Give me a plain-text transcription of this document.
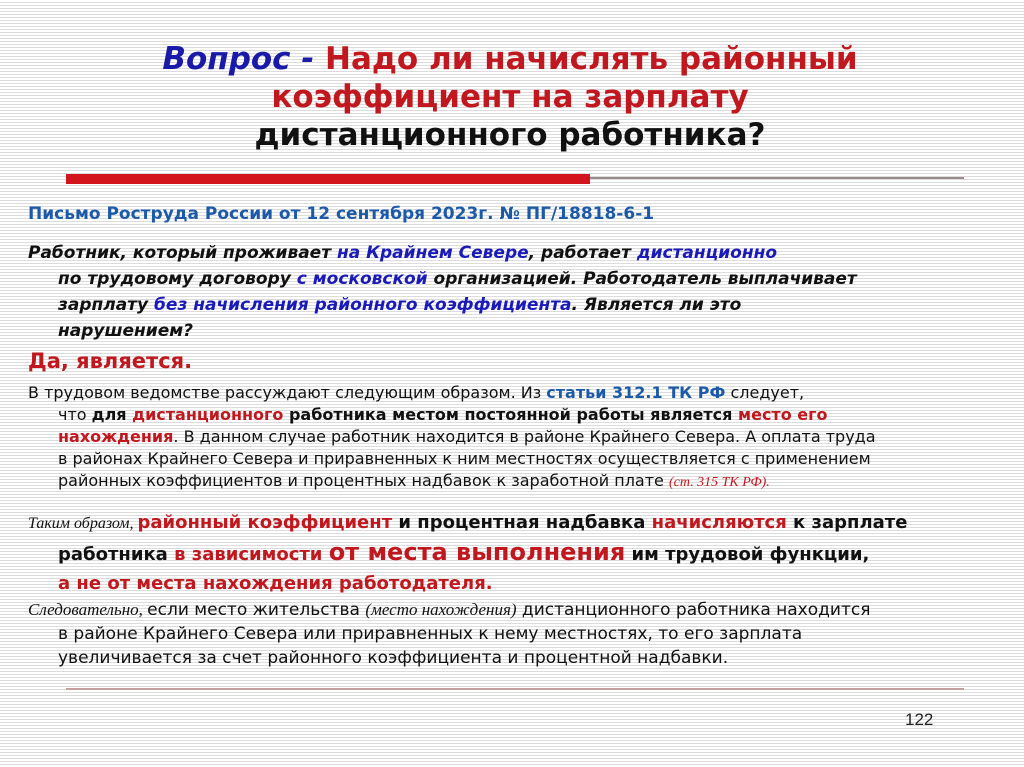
Вопрос - Надо ли начислять районный
коэффициент на зарплату
дистанционного работника?
Письмо Роструда России от 12 сентября 2023г. № ПГ/18818-6-1
Работник, который проживает на Крайнем Севере, работает дистанционно
по трудовому договору с московской организацией. Работодатель выплачивает
зарплату без начисления районного коэффициента. Является ли это
нарушением?
Да, является.
В трудовом ведомстве рассуждают следующим образом. Из статьи 312.1 ТК РФ следует,
что для дистанционного работника местом постоянной работы является место его
нахождения. В данном случае работник находится в районе Крайнего Севера. А оплата труда
в районах Крайнего Севера и приравненных к ним местностях осуществляется с применением
районных коэффициентов и процентных надбавок к заработной плате (ст. 315 ТК РФ).
Таким образом, районный коэффициент и процентная надбавка начисляются к зарплате
работника в зависимости от места выполнения им трудовой функции,
а не от места нахождения работодателя.
Следовательно, если место жительства (место нахождения) дистанционного работника находится
в районе Крайнего Севера или приравненных к нему местностях, то его зарплата
увеличивается за счет районного коэффициента и процентной надбавки.
122
